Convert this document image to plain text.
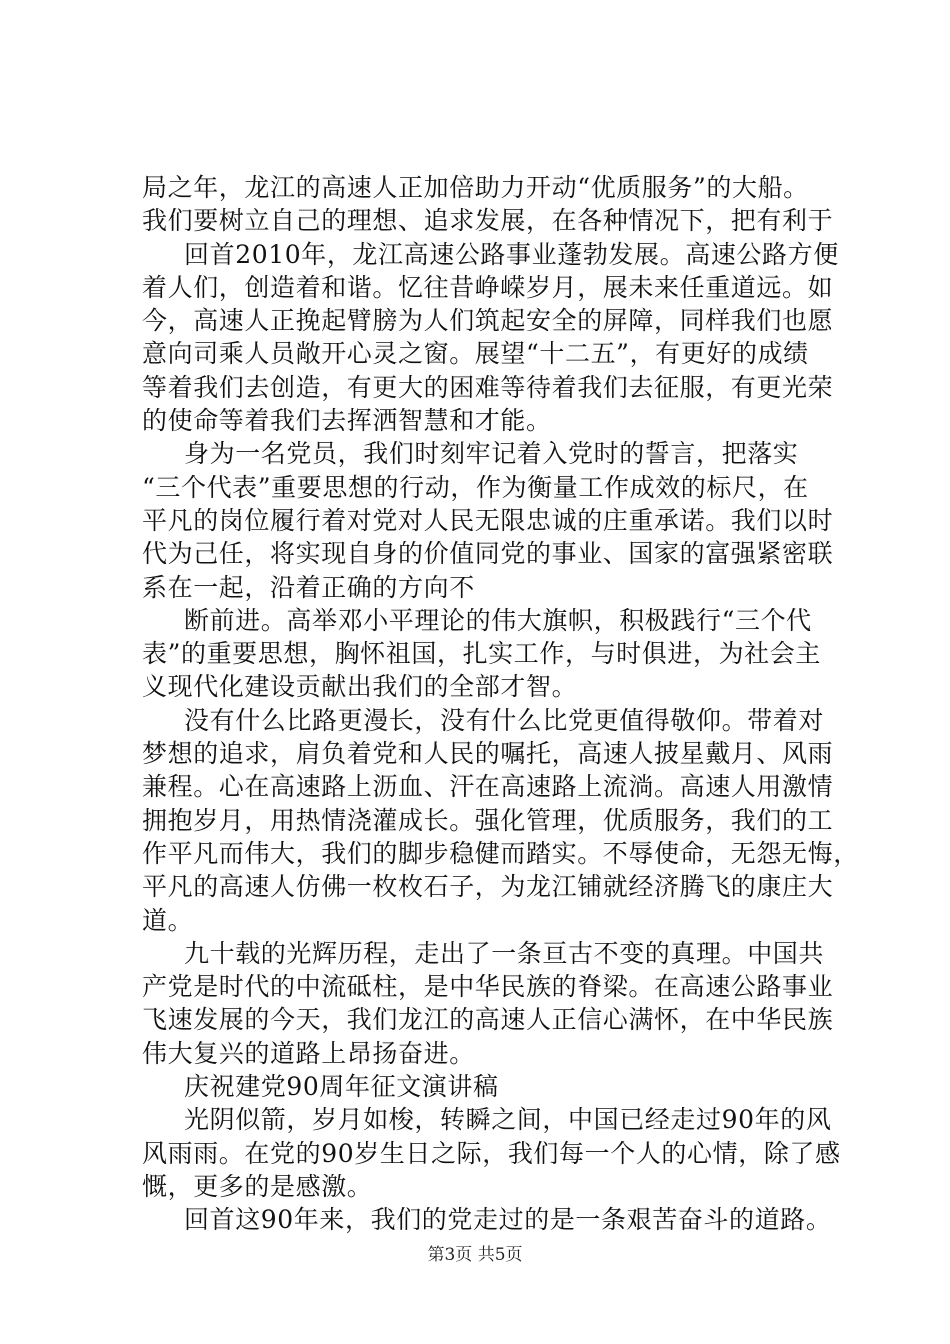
局之年，龙江的高速人正加倍助力开动“优质服务”的大船。
我们要树立自己的理想、追求发展，在各种情况下，把有利于
回首2010年，龙江高速公路事业蓬勃发展。高速公路方便
着人们，创造着和谐。忆往昔峥嵘岁月，展未来任重道远。如
今，高速人正挽起臂膀为人们筑起安全的屏障，同样我们也愿
意向司乘人员敞开心灵之窗。展望“十二五”，有更好的成绩
等着我们去创造，有更大的困难等待着我们去征服，有更光荣
的使命等着我们去挥洒智慧和才能。
身为一名党员，我们时刻牢记着入党时的誓言，把落实
“三个代表”重要思想的行动，作为衡量工作成效的标尺，在
平凡的岗位履行着对党对人民无限忠诚的庄重承诺。我们以时
代为己任，将实现自身的价值同党的事业、国家的富强紧密联
系在一起，沿着正确的方向不
断前进。高举邓小平理论的伟大旗帜，积极践行“三个代
表”的重要思想，胸怀祖国，扎实工作，与时俱进，为社会主
义现代化建设贡献出我们的全部才智。
没有什么比路更漫长，没有什么比党更值得敬仰。带着对
梦想的追求，肩负着党和人民的嘱托，高速人披星戴月、风雨
兼程。心在高速路上沥血、汗在高速路上流淌。高速人用激情
拥抱岁月，用热情浇灌成长。强化管理，优质服务，我们的工
作平凡而伟大，我们的脚步稳健而踏实。不辱使命，无怨无悔，
平凡的高速人仿佛一枚枚石子，为龙江铺就经济腾飞的康庄大
道。
九十载的光辉历程，走出了一条亘古不变的真理。中国共
产党是时代的中流砥柱，是中华民族的脊梁。在高速公路事业
飞速发展的今天，我们龙江的高速人正信心满怀，在中华民族
伟大复兴的道路上昂扬奋进。
庆祝建党90周年征文演讲稿
光阴似箭，岁月如梭，转瞬之间，中国已经走过90年的风
风雨雨。在党的90岁生日之际，我们每一个人的心情，除了感
慨，更多的是感激。
回首这90年来，我们的党走过的是一条艰苦奋斗的道路。
第3页 共5页
